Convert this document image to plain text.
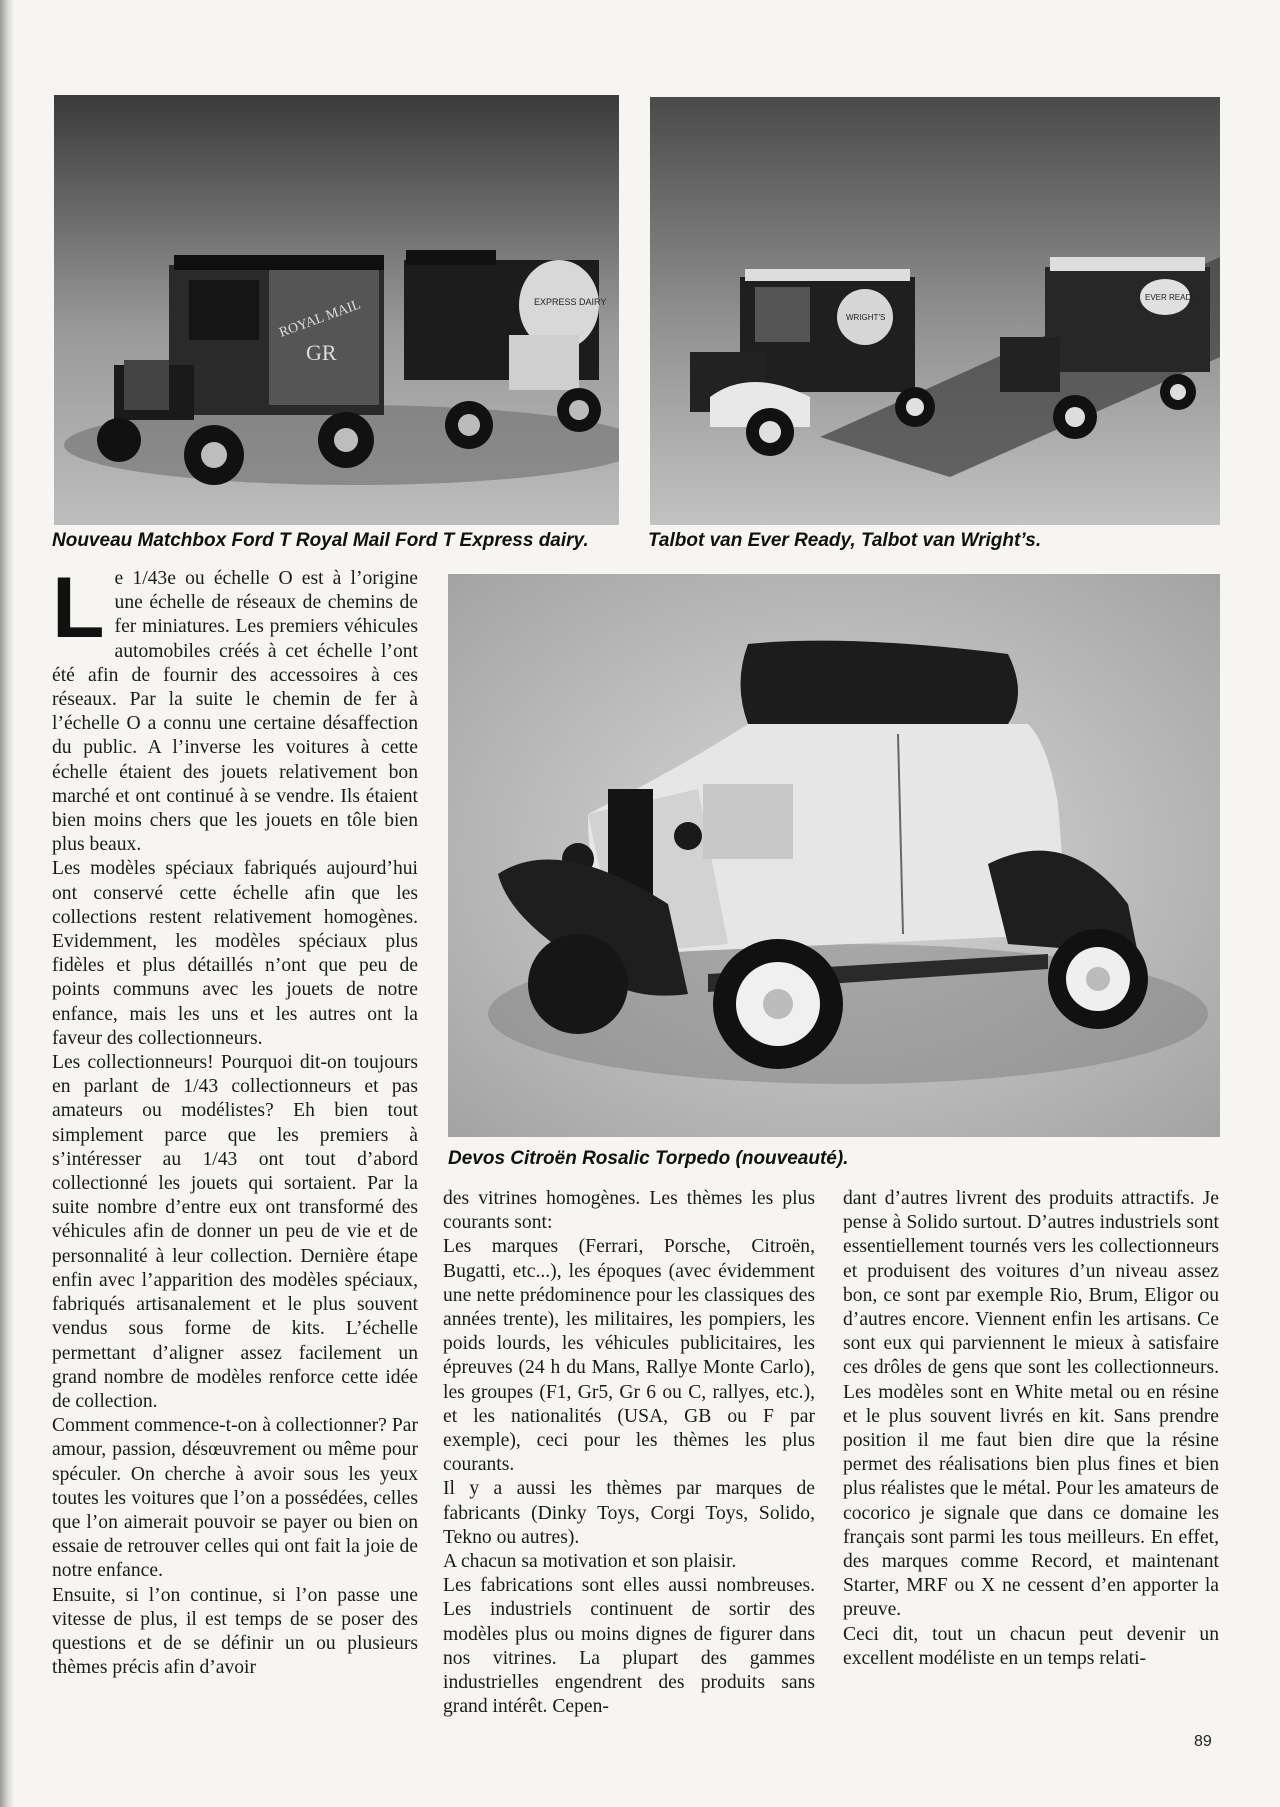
EXPRESS DAIRY
ROYAL MAIL
GR
WRIGHT'S
EVER READY
Nouveau Matchbox Ford T Royal Mail Ford T Express dairy.	Talbot van Ever Ready, Talbot van Wright’s.
Devos Citroën Rosalic Torpedo (nouveauté).
L e 1/43e ou échelle O est à l’origine une échelle de réseaux de chemins de fer miniatures. Les premiers véhicules automobiles créés à cet échelle l’ont été afin de fournir des accessoires à ces réseaux. Par la suite le chemin de fer à l’échelle O a connu une certaine désaffection du public. A l’inverse les voitures à cette échelle étaient des jouets relativement bon marché et ont continué à se vendre. Ils étaient bien moins chers que les jouets en tôle bien plus beaux.

Les modèles spéciaux fabriqués aujourd’hui ont conservé cette échelle afin que les collections restent relativement homogènes. Evidemment, les modèles spéciaux plus fidèles et plus détaillés n’ont que peu de points communs avec les jouets de notre enfance, mais les uns et les autres ont la faveur des collectionneurs.

Les collectionneurs! Pourquoi dit-on toujours en parlant de 1/43 collectionneurs et pas amateurs ou modélistes? Eh bien tout simplement parce que les premiers à s’intéresser au 1/43 ont tout d’abord collectionné les jouets qui sortaient. Par la suite nombre d’entre eux ont transformé des véhicules afin de donner un peu de vie et de personnalité à leur collection. Dernière étape enfin avec l’apparition des modèles spéciaux, fabriqués artisanalement et le plus souvent vendus sous forme de kits. L’échelle permettant d’aligner assez facilement un grand nombre de modèles renforce cette idée de collection.

Comment commence-t-on à collectionner? Par amour, passion, désœuvrement ou même pour spéculer. On cherche à avoir sous les yeux toutes les voitures que l’on a possédées, celles que l’on aimerait pouvoir se payer ou bien on essaie de retrouver celles qui ont fait la joie de notre enfance.

Ensuite, si l’on continue, si l’on passe une vitesse de plus, il est temps de se poser des questions et de se définir un ou plusieurs thèmes précis afin d’avoir

des vitrines homogènes. Les thèmes les plus courants sont:

Les marques (Ferrari, Porsche, Citroën, Bugatti, etc...), les époques (avec évidemment une nette prédominence pour les classiques des années trente), les militaires, les pompiers, les poids lourds, les véhicules publicitaires, les épreuves (24 h du Mans, Rallye Monte Carlo), les groupes (F1, Gr5, Gr 6 ou C, rallyes, etc.), et les nationalités (USA, GB ou F par exemple), ceci pour les thèmes les plus courants.

Il y a aussi les thèmes par marques de fabricants (Dinky Toys, Corgi Toys, Solido, Tekno ou autres).

A chacun sa motivation et son plaisir.

Les fabrications sont elles aussi nombreuses. Les industriels continuent de sortir des modèles plus ou moins dignes de figurer dans nos vitrines. La plupart des gammes industrielles engendrent des produits sans grand intérêt. Cepen-

dant d’autres livrent des produits attractifs. Je pense à Solido surtout. D’autres industriels sont essentiellement tournés vers les collectionneurs et produisent des voitures d’un niveau assez bon, ce sont par exemple Rio, Brum, Eligor ou d’autres encore. Viennent enfin les artisans. Ce sont eux qui parviennent le mieux à satisfaire ces drôles de gens que sont les collectionneurs. Les modèles sont en White metal ou en résine et le plus souvent livrés en kit. Sans prendre position il me faut bien dire que la résine permet des réalisations bien plus fines et bien plus réalistes que le métal. Pour les amateurs de cocorico je signale que dans ce domaine les français sont parmi les tous meilleurs. En effet, des marques comme Record, et maintenant Starter, MRF ou X ne cessent d’en apporter la preuve.

Ceci dit, tout un chacun peut devenir un excellent modéliste en un temps relati-

89
